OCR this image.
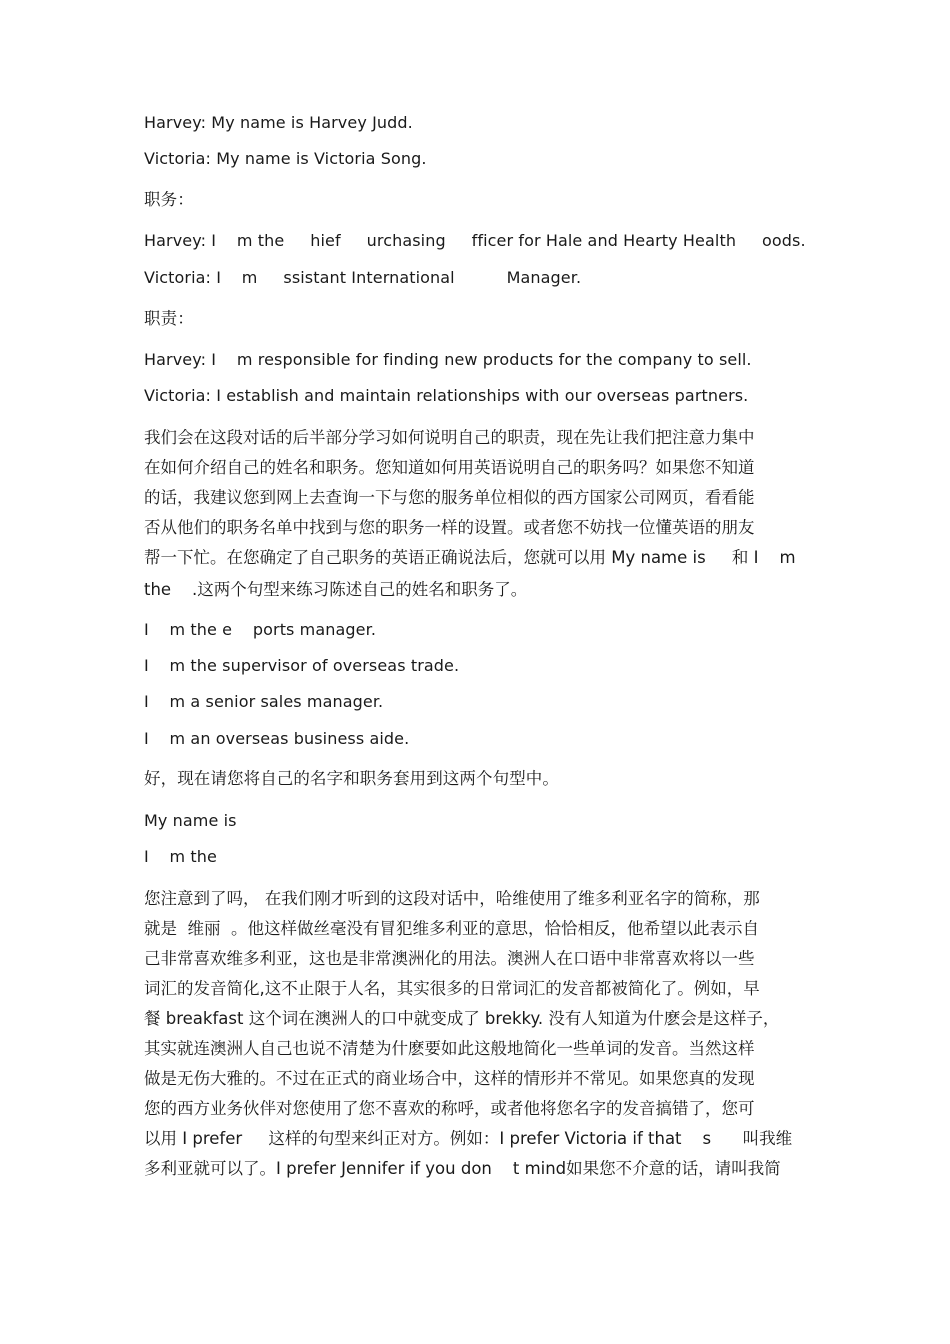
Harvey: My name is Harvey Judd.
Victoria: My name is Victoria Song.
职务：
Harvey: I    m the     hief     urchasing     fficer for Hale and Hearty Health     oods.
Victoria: I    m     ssistant International          Manager.
职责：
Harvey: I    m responsible for finding new products for the company to sell.
Victoria: I establish and maintain relationships with our overseas partners.
我们会在这段对话的后半部分学习如何说明自己的职责，现在先让我们把注意力集中
在如何介绍自己的姓名和职务。您知道如何用英语说明自己的职务吗？如果您不知道
的话，我建议您到网上去查询一下与您的服务单位相似的西方国家公司网页，看看能
否从他们的职务名单中找到与您的职务一样的设置。或者您不妨找一位懂英语的朋友
帮一下忙。在您确定了自己职务的英语正确说法后，您就可以用 My name is     和 I    m
the    .这两个句型来练习陈述自己的姓名和职务了。
I    m the e    ports manager.
I    m the supervisor of overseas trade.
I    m a senior sales manager.
I    m an overseas business aide.
好，现在请您将自己的名字和职务套用到这两个句型中。
My name is
I    m the
您注意到了吗， 在我们刚才听到的这段对话中，哈维使用了维多利亚名字的简称，那
就是  维丽  。他这样做丝毫没有冒犯维多利亚的意思，恰恰相反，他希望以此表示自
己非常喜欢维多利亚，这也是非常澳洲化的用法。澳洲人在口语中非常喜欢将以一些
词汇的发音简化,这不止限于人名，其实很多的日常词汇的发音都被简化了。例如，早
餐 breakfast 这个词在澳洲人的口中就变成了 brekky. 没有人知道为什麽会是这样子，
其实就连澳洲人自己也说不清楚为什麽要如此这般地简化一些单词的发音。当然这样
做是无伤大雅的。不过在正式的商业场合中，这样的情形并不常见。如果您真的发现
您的西方业务伙伴对您使用了您不喜欢的称呼，或者他将您名字的发音搞错了，您可
以用 I prefer     这样的句型来纠正对方。例如：I prefer Victoria if that    s      叫我维
多利亚就可以了。I prefer Jennifer if you don    t mind如果您不介意的话，请叫我简
